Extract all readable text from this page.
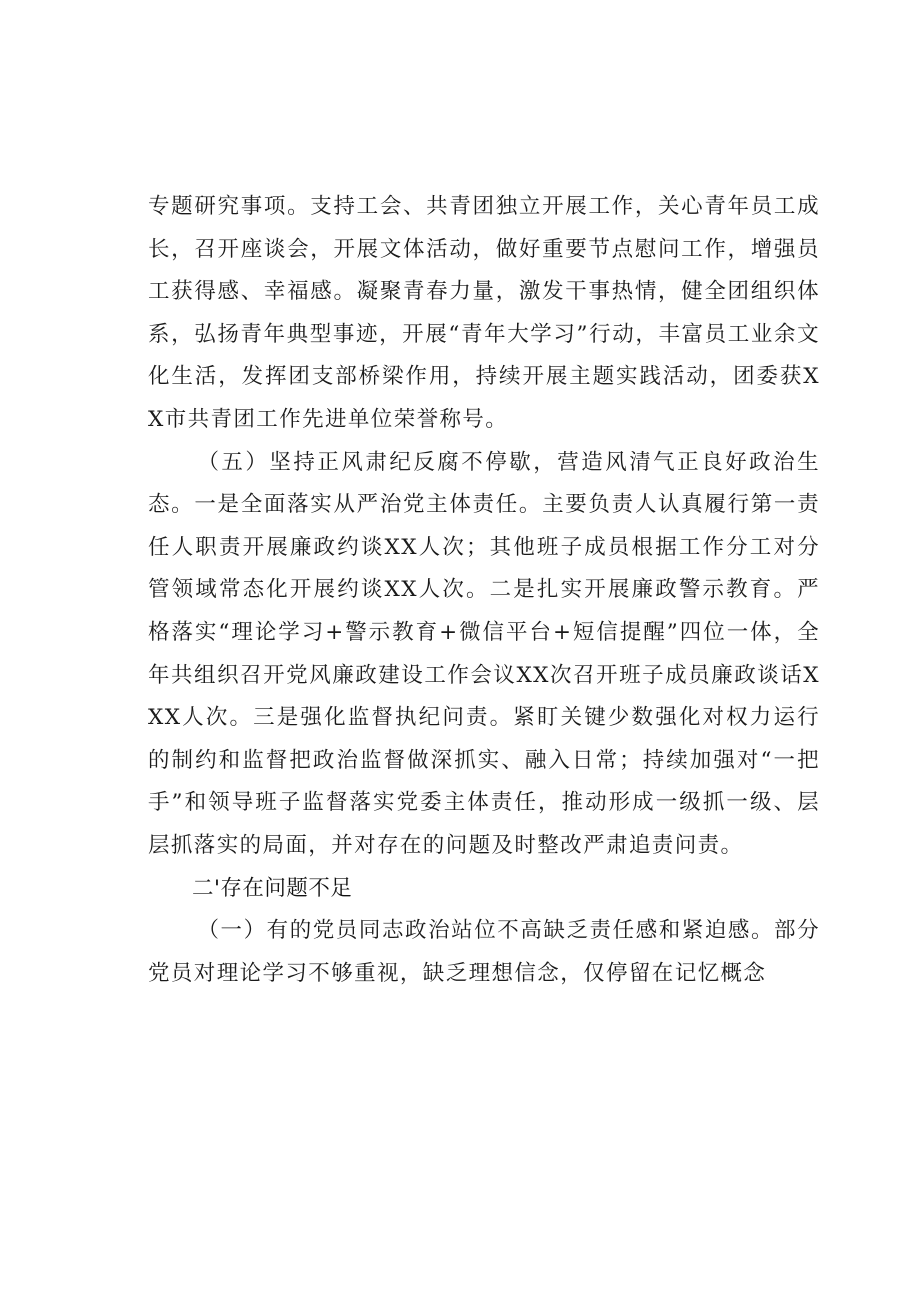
专题研究事项。支持工会、共青团独立开展工作，关心青年员工成长，召开座谈会，开展文体活动，做好重要节点慰问工作，增强员工获得感、幸福感。凝聚青春力量，激发干事热情，健全团组织体系，弘扬青年典型事迹，开展“青年大学习”行动，丰富员工业余文化生活，发挥团支部桥梁作用，持续开展主题实践活动，团委获XX市共青团工作先进单位荣誉称号。

（五）坚持正风肃纪反腐不停歇，营造风清气正良好政治生态。一是全面落实从严治党主体责任。主要负责人认真履行第一责任人职责开展廉政约谈XX人次；其他班子成员根据工作分工对分管领域常态化开展约谈XX人次。二是扎实开展廉政警示教育。严格落实“理论学习+警示教育+微信平台+短信提醒”四位一体，全年共组织召开党风廉政建设工作会议XX次召开班子成员廉政谈话XXX人次。三是强化监督执纪问责。紧盯关键少数强化对权力运行的制约和监督把政治监督做深抓实、融入日常；持续加强对“一把手”和领导班子监督落实党委主体责任，推动形成一级抓一级、层层抓落实的局面，并对存在的问题及时整改严肃追责问责。

二'存在问题不足

（一）有的党员同志政治站位不高缺乏责任感和紧迫感。部分党员对理论学习不够重视，缺乏理想信念，仅停留在记忆概念
